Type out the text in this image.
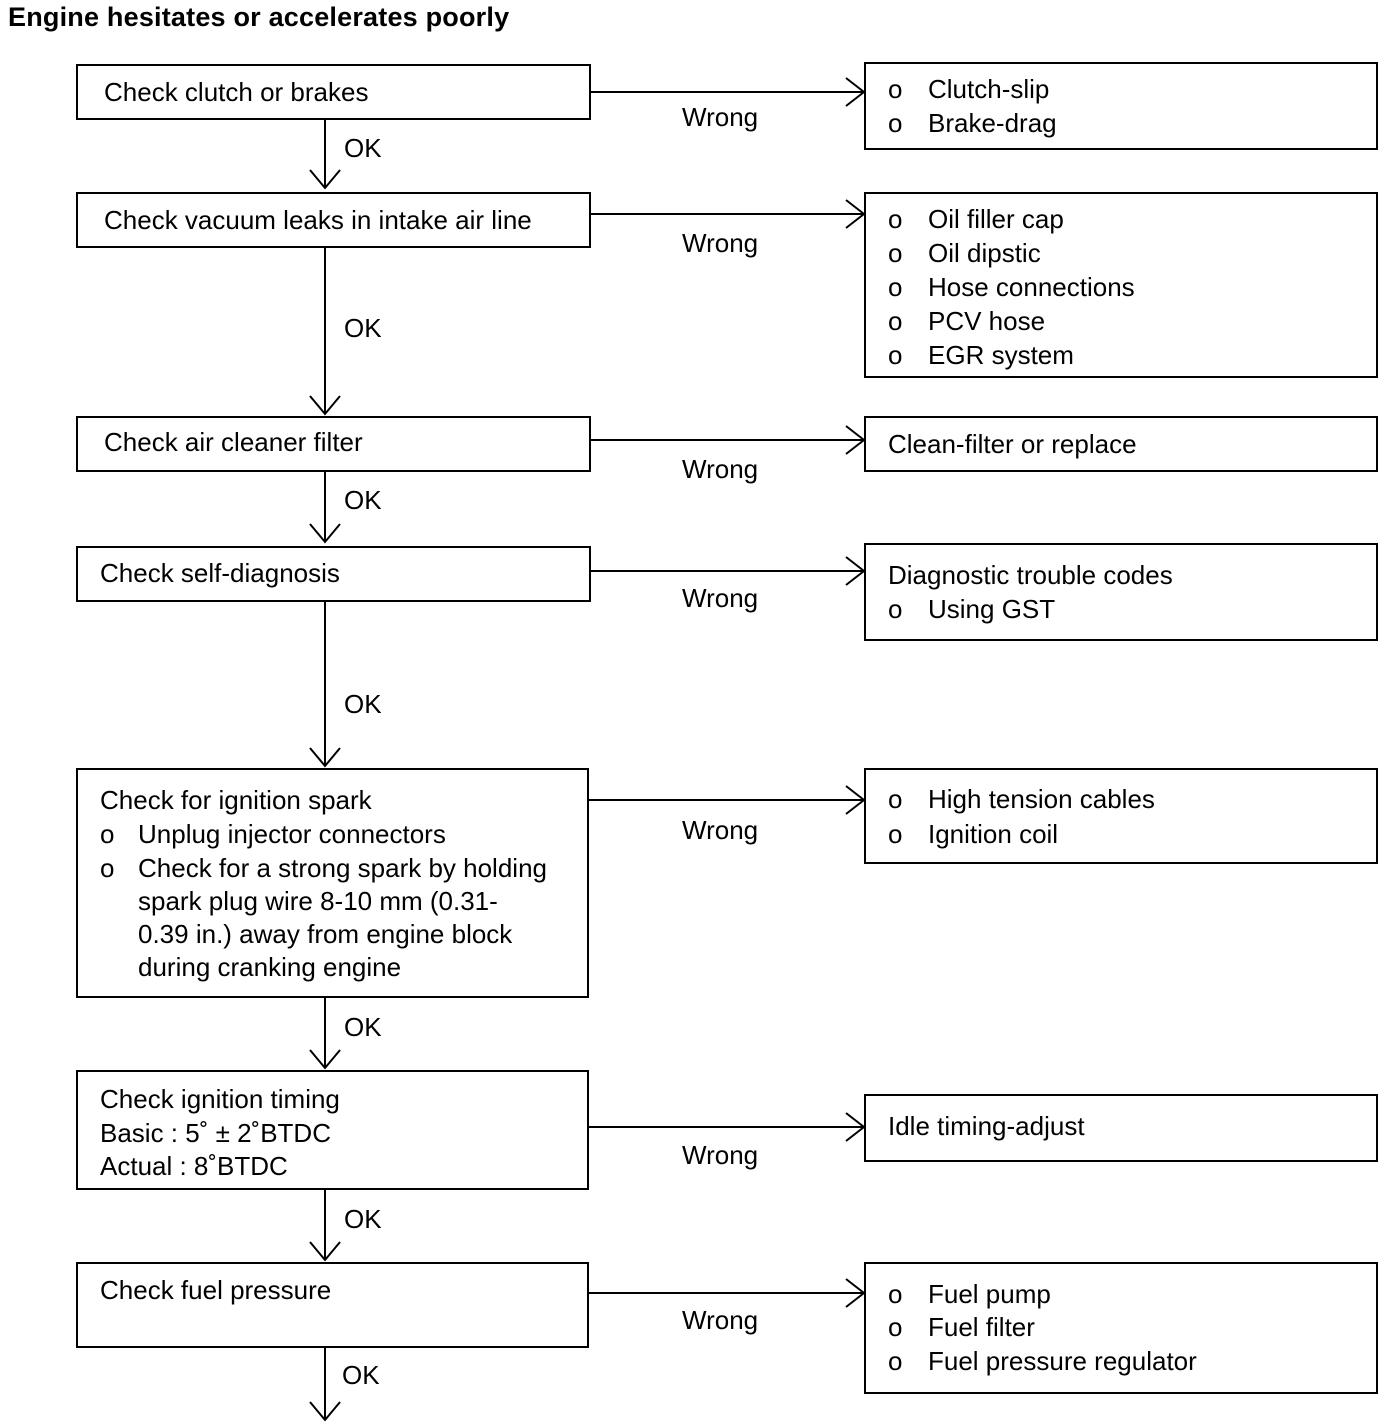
Engine hesitates or accelerates poorly
Check clutch or brakes
OK
Wrong
o Clutch-slip
o Brake-drag
Check vacuum leaks in intake air line
OK
Wrong
o Oil filler cap
o Oil dipstic
o Hose connections
o PCV hose
o EGR system
Check air cleaner filter
OK
Wrong
Clean-filter or replace
Check self-diagnosis
OK
Wrong
Diagnostic trouble codes
o Using GST
Check for ignition spark
o Unplug injector connectors
o Check for a strong spark by holding
spark plug wire 8-10 mm (0.31-
0.39 in.) away from engine block
during cranking engine
OK
Wrong
o High tension cables
o Ignition coil
Check ignition timing
Basic : 5˚ ± 2˚BTDC
Actual : 8˚BTDC
OK
Wrong
Idle timing-adjust
Check fuel pressure
OK
Wrong
o Fuel pump
o Fuel filter
o Fuel pressure regulator
